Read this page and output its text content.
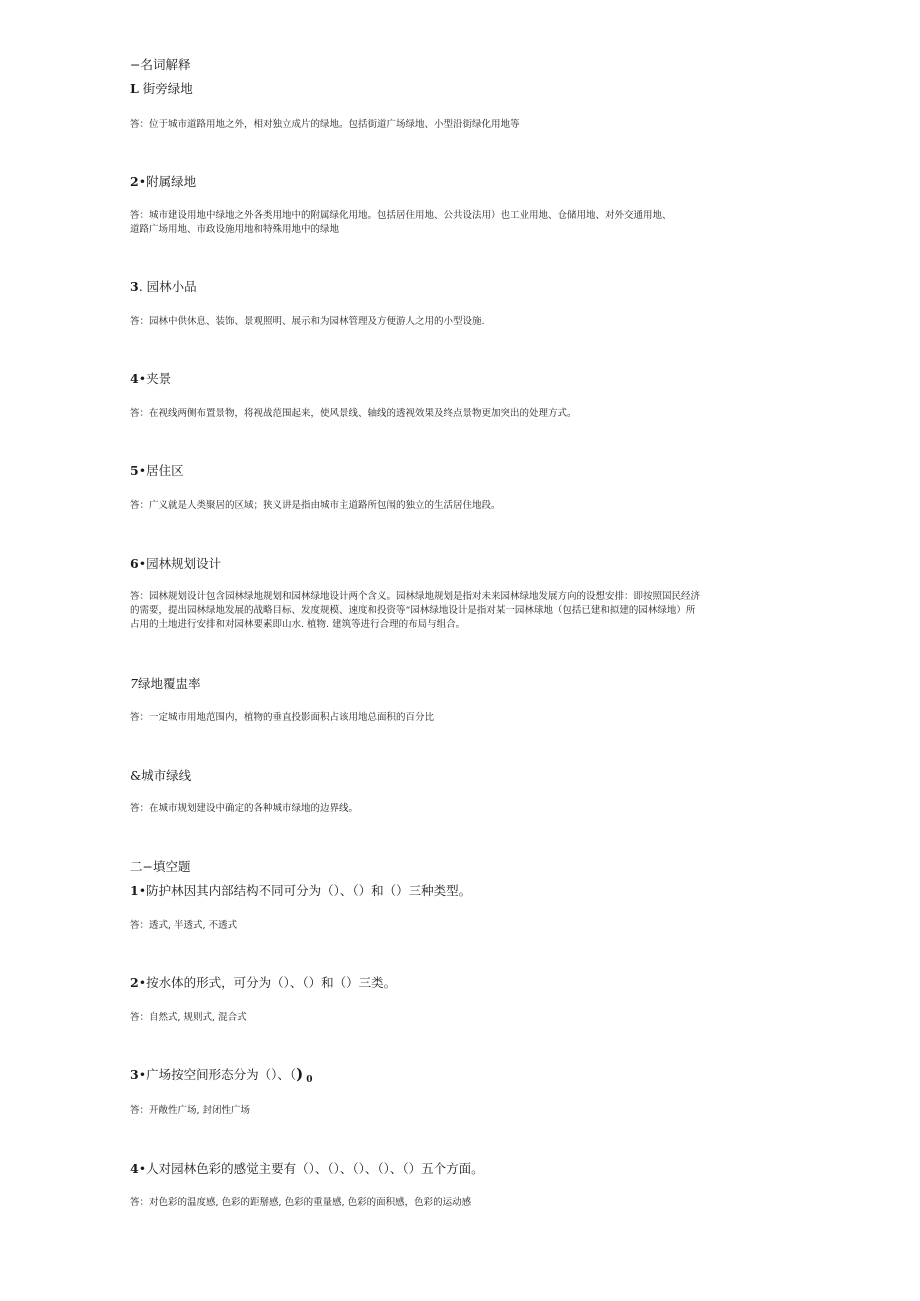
−名词解释
L 街旁绿地
答：位于城市道路用地之外，相对独立成片的绿地。包括街道广场绿地、小型沿街绿化用地等
2•附属绿地
答：城市建设用地中绿地之外各类用地中的附属绿化用地。包括居住用地、公共设法用）也工业用地、仓储用地、对外交通用地、
道路广场用地、市政设施用地和特殊用地中的绿地
3. 园林小品
答：园林中供休息、装饰、景观照明、展示和为园林管理及方便游人之用的小型设施.
4•夹景
答：在视线两侧布置景物，将视战范围起来，使风景线、轴线的透视效果及终点景物更加突出的处理方式。
5•居住区
答：广义就是人类聚居的区域；狭义讲是指由城市主道路所包闱的独立的生活居住地段。
6•园林规划设计
答：园林规划设计包含园林绿地规划和园林绿地设计两个含义。园林绿地规划是指对未来园林绿地发展方向的设想安排：即按照国民经济
的需要，提出园林绿地发展的战略目标、发度规模、速度和投资等“园林绿地设计是指对某一园林球地（包括已建和拟建的园林绿地）所
占用的土地进行安排和对园林要素即山水. 植物. 建筑等进行合理的布局与组合。
7绿地覆盅率
答：一定城市用地范围内，植物的垂直投影面积占该用地总面积的百分比
&城市绿线
答：在城市规划建设中确定的各种城市绿地的边界线。
二−填空题
1•防护林因其内部结构不同可分为（）、（）和（）三种类型。
答：透式, 半透式, 不透式
2•按水体的形式，可分为（）、（）和（）三类。
答：自然式, 规则式, 混合式
3•广场按空间形态分为（）、（) $_0$
答：开敞性广场, 封闭性广场
4•人对园林色彩的感觉主要有（）、（）、（）、（）、（）五个方面。
答：对色彩的温度感, 色彩的距掰感, 色彩的重量感, 色彩的面积感，色彩的运动感
